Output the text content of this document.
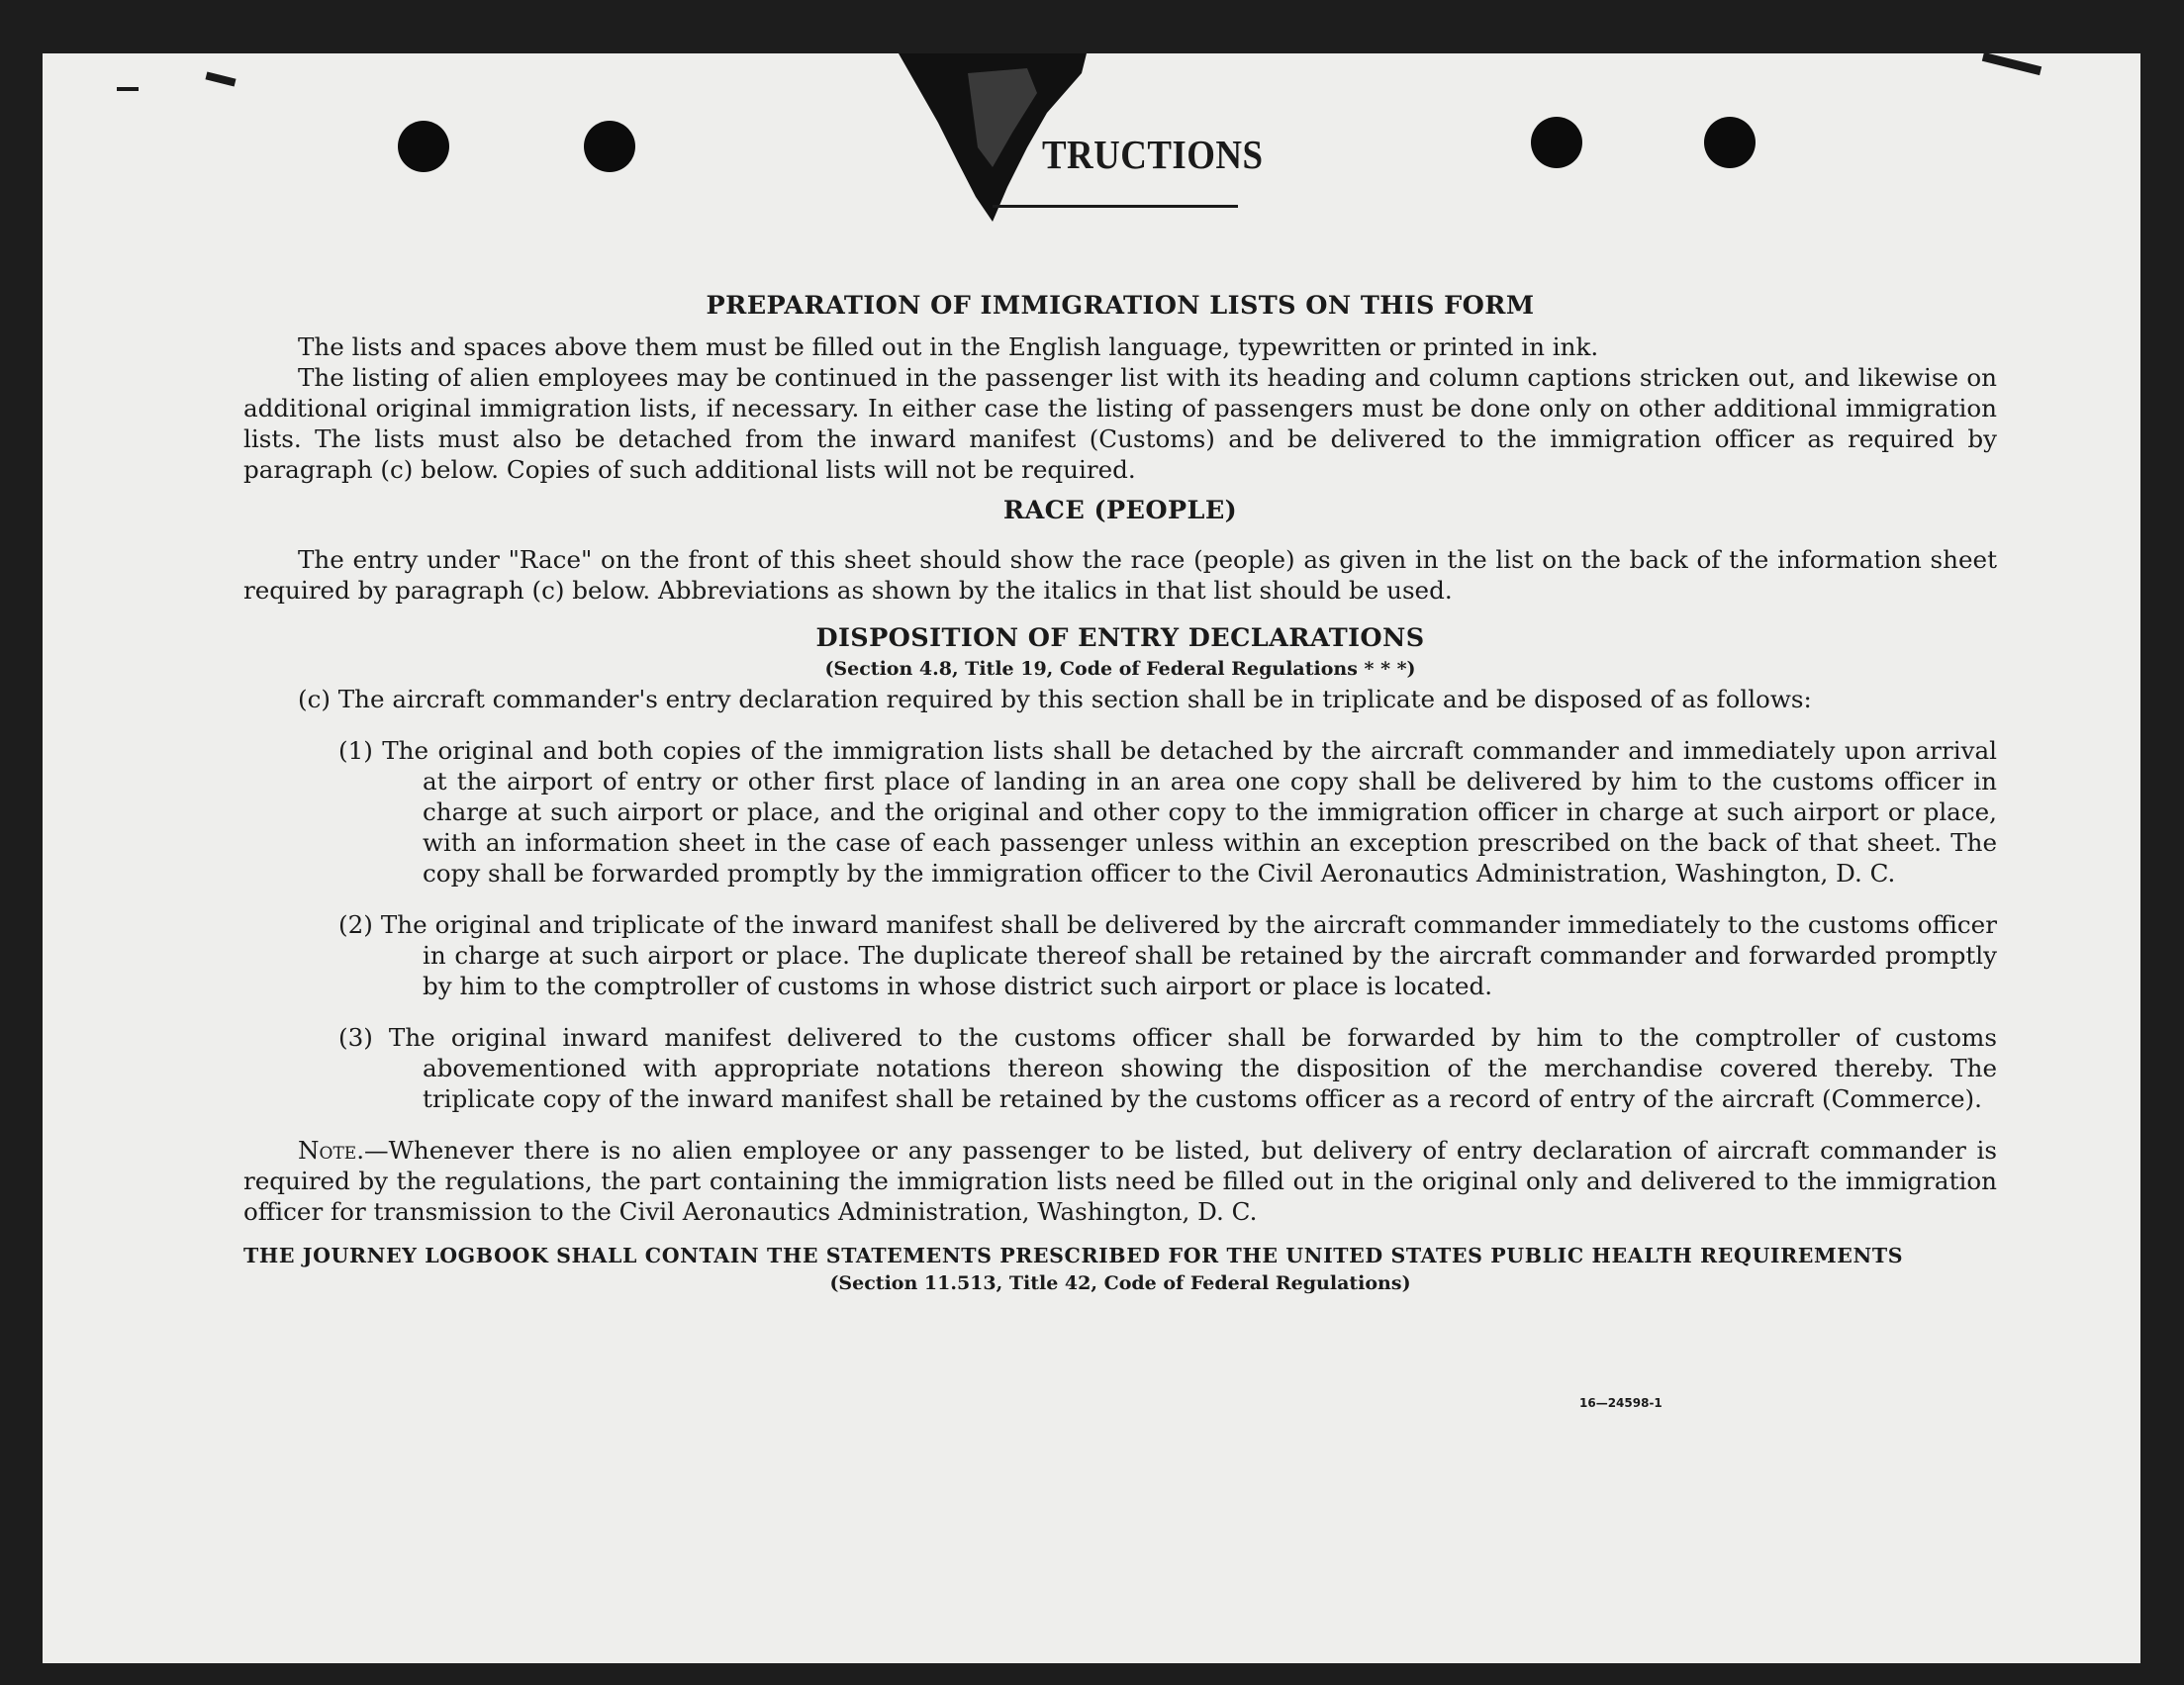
TRUCTIONS

PREPARATION OF IMMIGRATION LISTS ON THIS FORM

The lists and spaces above them must be filled out in the English language, typewritten or printed in ink.

The listing of alien employees may be continued in the passenger list with its heading and column captions stricken out, and likewise on additional original immigration lists, if necessary. In either case the listing of passengers must be done only on other additional immigration lists. The lists must also be detached from the inward manifest (Customs) and be delivered to the immigration officer as required by paragraph (c) below. Copies of such additional lists will not be required.

RACE (PEOPLE)

The entry under "Race" on the front of this sheet should show the race (people) as given in the list on the back of the information sheet required by paragraph (c) below. Abbreviations as shown by the italics in that list should be used.

DISPOSITION OF ENTRY DECLARATIONS

(Section 4.8, Title 19, Code of Federal Regulations * * *)

(c) The aircraft commander's entry declaration required by this section shall be in triplicate and be disposed of as follows:

(1) The original and both copies of the immigration lists shall be detached by the aircraft commander and immediately upon arrival at the airport of entry or other first place of landing in an area one copy shall be delivered by him to the customs officer in charge at such airport or place, and the original and other copy to the immigration officer in charge at such airport or place, with an information sheet in the case of each passenger unless within an exception prescribed on the back of that sheet. The copy shall be forwarded promptly by the immigration officer to the Civil Aeronautics Administration, Washington, D. C.

(2) The original and triplicate of the inward manifest shall be delivered by the aircraft commander immediately to the customs officer in charge at such airport or place. The duplicate thereof shall be retained by the aircraft commander and forwarded promptly by him to the comptroller of customs in whose district such airport or place is located.

(3) The original inward manifest delivered to the customs officer shall be forwarded by him to the comptroller of customs abovementioned with appropriate notations thereon showing the disposition of the merchandise covered thereby. The triplicate copy of the inward manifest shall be retained by the customs officer as a record of entry of the aircraft (Commerce).

Note.—Whenever there is no alien employee or any passenger to be listed, but delivery of entry declaration of aircraft commander is required by the regulations, the part containing the immigration lists need be filled out in the original only and delivered to the immigration officer for transmission to the Civil Aeronautics Administration, Washington, D. C.

THE JOURNEY LOGBOOK SHALL CONTAIN THE STATEMENTS PRESCRIBED FOR THE UNITED STATES PUBLIC HEALTH REQUIREMENTS

(Section 11.513, Title 42, Code of Federal Regulations)

16—24598-1
